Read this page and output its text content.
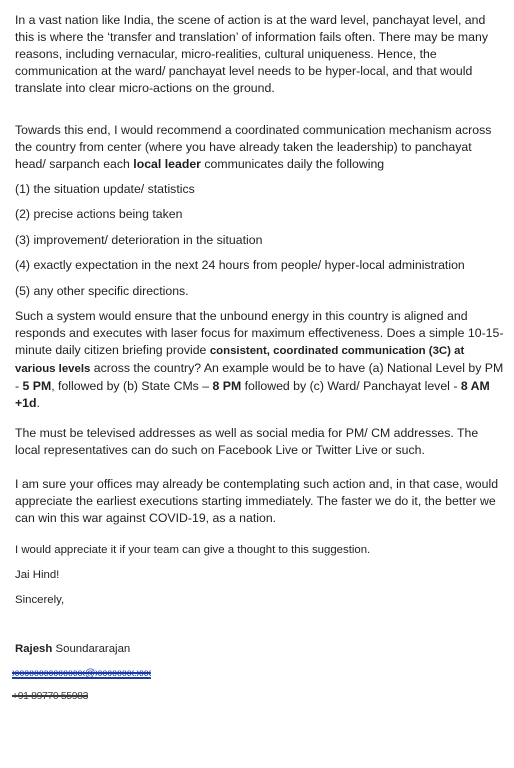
In a vast nation like India, the scene of action is at the ward level, panchayat level, and this is where the ‘transfer and translation’ of information fails often. There may be many reasons, including vernacular, micro-realities, cultural uniqueness. Hence, the communication at the ward/ panchayat level needs to be hyper-local, and that would translate into clear micro-actions on the ground.

Towards this end, I would recommend a coordinated communication mechanism across the country from center (where you have already taken the leadership) to panchayat head/ sarpanch each local leader communicates daily the following

(1) the situation update/ statistics

(2) precise actions being taken

(3) improvement/ deterioration in the situation

(4) exactly expectation in the next 24 hours from people/ hyper-local administration

(5) any other specific directions.

Such a system would ensure that the unbound energy in this country is aligned and responds and executes with laser focus for maximum effectiveness. Does a simple 10-15-minute daily citizen briefing provide consistent, coordinated communication (3C) at various levels across the country? An example would be to have (a) National Level by PM - 5 PM, followed by (b) State CMs – 8 PM followed by (c) Ward/ Panchayat level - 8 AM +1d.

The must be televised addresses as well as social media for PM/ CM addresses. The local representatives can do such on Facebook Live or Twitter Live or such.

I am sure your offices may already be contemplating such action and, in that case, would appreciate the earliest executions starting immediately. The faster we do it, the better we can win this war against COVID-19, as a nation.

I would appreciate it if your team can give a thought to this suggestion.

Jai Hind!

Sincerely,

Rajesh Soundararajan

xxxxxxxxxxxxxxx@xxxxxxxx.xxx
+91 89770 55983
